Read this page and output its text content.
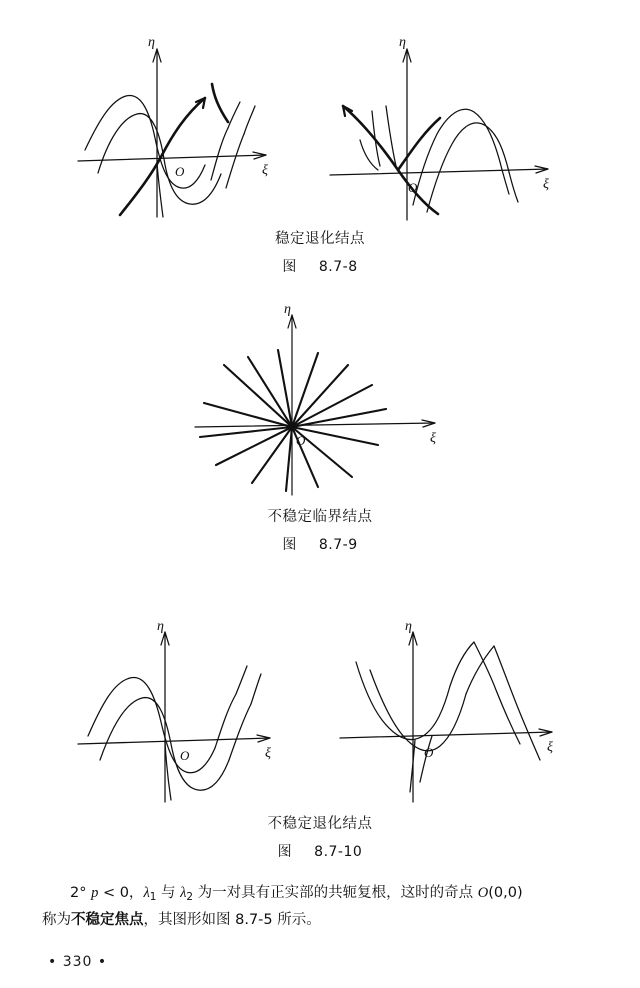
η
ξ
O
η
ξ
O
稳定退化结点
图 8.7-8
η
ξ
O
不稳定临界结点
图 8.7-9
η
ξ
O
η
ξ
O
不稳定退化结点
图 8.7-10
2° p < 0，$\lambda_1$ 与 $\lambda_2$ 为一对具有正实部的共轭复根，这时的奇点 O(0,0)
称为不稳定焦点，其图形如图 8.7-5 所示。
• 330 •
